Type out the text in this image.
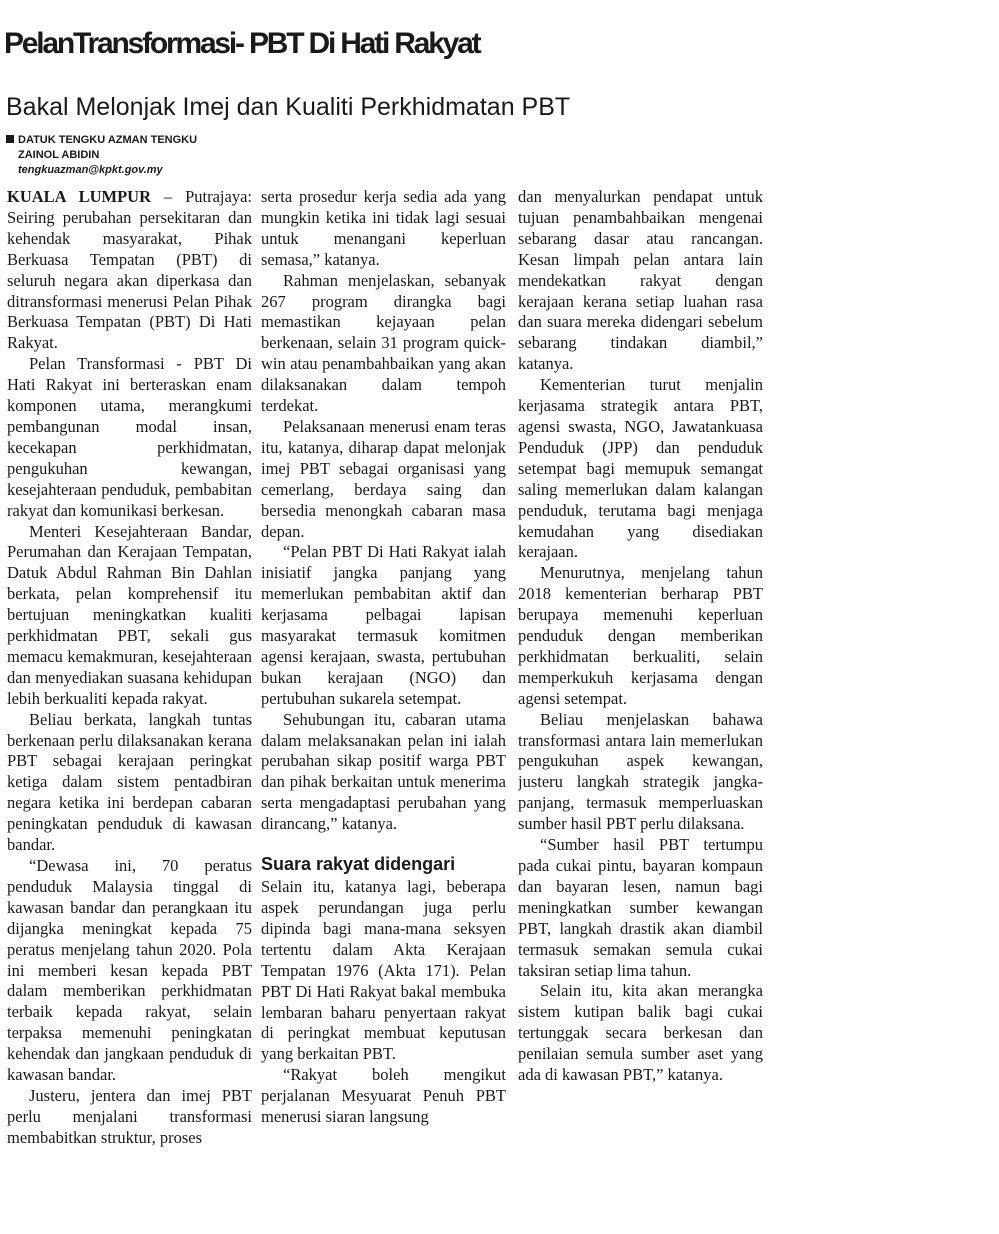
PelanTransformasi- PBT Di Hati Rakyat
Bakal Melonjak Imej dan Kualiti Perkhidmatan PBT
DATUK TENGKU AZMAN TENGKU
ZAINOL ABIDIN
tengkuazman@kpkt.gov.my

KUALA LUMPUR – Putrajaya: Seiring perubahan persekitaran dan kehendak masyarakat, Pihak Berkuasa Tempatan (PBT) di seluruh negara akan diperkasa dan ditransformasi menerusi Pelan Pihak Berkuasa Tempatan (PBT) Di Hati Rakyat.

Pelan Transformasi - PBT Di Hati Rakyat ini berteraskan enam komponen utama, merangkumi pembangunan modal insan, kecekapan perkhidmatan, pengukuhan kewangan, kesejahteraan penduduk, pembabitan rakyat dan komunikasi berkesan.

Menteri Kesejahteraan Bandar, Perumahan dan Kerajaan Tempatan, Datuk Abdul Rahman Bin Dahlan berkata, pelan komprehensif itu bertujuan meningkatkan kualiti perkhidmatan PBT, sekali gus memacu kemakmuran, kesejahteraan dan menyediakan suasana kehidupan lebih berkualiti kepada rakyat.

Beliau berkata, langkah tuntas berkenaan perlu dilaksanakan kerana PBT sebagai kerajaan peringkat ketiga dalam sistem pentadbiran negara ketika ini berdepan cabaran peningkatan penduduk di kawasan bandar.

“Dewasa ini, 70 peratus penduduk Malaysia tinggal di kawasan bandar dan perangkaan itu dijangka meningkat kepada 75 peratus menjelang tahun 2020. Pola ini memberi kesan kepada PBT dalam memberikan perkhidmatan terbaik kepada rakyat, selain terpaksa memenuhi peningkatan kehendak dan jangkaan penduduk di kawasan bandar.

Justeru, jentera dan imej PBT perlu menjalani transformasi membabitkan struktur, proses

serta prosedur kerja sedia ada yang mungkin ketika ini tidak lagi sesuai untuk menangani keperluan semasa,” katanya.

Rahman menjelaskan, sebanyak 267 program dirangka bagi memastikan kejayaan pelan berkenaan, selain 31 program quick-win atau penambahbaikan yang akan dilaksanakan dalam tempoh terdekat.

Pelaksanaan menerusi enam teras itu, katanya, diharap dapat melonjak imej PBT sebagai organisasi yang cemerlang, berdaya saing dan bersedia menongkah cabaran masa depan.

“Pelan PBT Di Hati Rakyat ialah inisiatif jangka panjang yang memerlukan pembabitan aktif dan kerjasama pelbagai lapisan masyarakat termasuk komitmen agensi kerajaan, swasta, pertubuhan bukan kerajaan (NGO) dan pertubuhan sukarela setempat.

Sehubungan itu, cabaran utama dalam melaksanakan pelan ini ialah perubahan sikap positif warga PBT dan pihak berkaitan untuk menerima serta mengadaptasi perubahan yang dirancang,” katanya.

Suara rakyat didengari

Selain itu, katanya lagi, beberapa aspek perundangan juga perlu dipinda bagi mana-mana seksyen tertentu dalam Akta Kerajaan Tempatan 1976 (Akta 171). Pelan PBT Di Hati Rakyat bakal membuka lembaran baharu penyertaan rakyat di peringkat membuat keputusan yang berkaitan PBT.

“Rakyat boleh mengikut perjalanan Mesyuarat Penuh PBT menerusi siaran langsung

dan menyalurkan pendapat untuk tujuan penambahbaikan mengenai sebarang dasar atau rancangan. Kesan limpah pelan antara lain mendekatkan rakyat dengan kerajaan kerana setiap luahan rasa dan suara mereka didengari sebelum sebarang tindakan diambil,” katanya.

Kementerian turut menjalin kerjasama strategik antara PBT, agensi swasta, NGO, Jawatankuasa Penduduk (JPP) dan penduduk setempat bagi memupuk semangat saling memerlukan dalam kalangan penduduk, terutama bagi menjaga kemudahan yang disediakan kerajaan.

Menurutnya, menjelang tahun 2018 kementerian berharap PBT berupaya memenuhi keperluan penduduk dengan memberikan perkhidmatan berkualiti, selain memperkukuh kerjasama dengan agensi setempat.

Beliau menjelaskan bahawa transformasi antara lain memerlukan pengukuhan aspek kewangan, justeru langkah strategik jangka- panjang, termasuk memperluaskan sumber hasil PBT perlu dilaksana.

“Sumber hasil PBT tertumpu pada cukai pintu, bayaran kompaun dan bayaran lesen, namun bagi meningkatkan sumber kewangan PBT, langkah drastik akan diambil termasuk semakan semula cukai taksiran setiap lima tahun.

Selain itu, kita akan merangka sistem kutipan balik bagi cukai tertunggak secara berkesan dan penilaian semula sumber aset yang ada di kawasan PBT,” katanya.
